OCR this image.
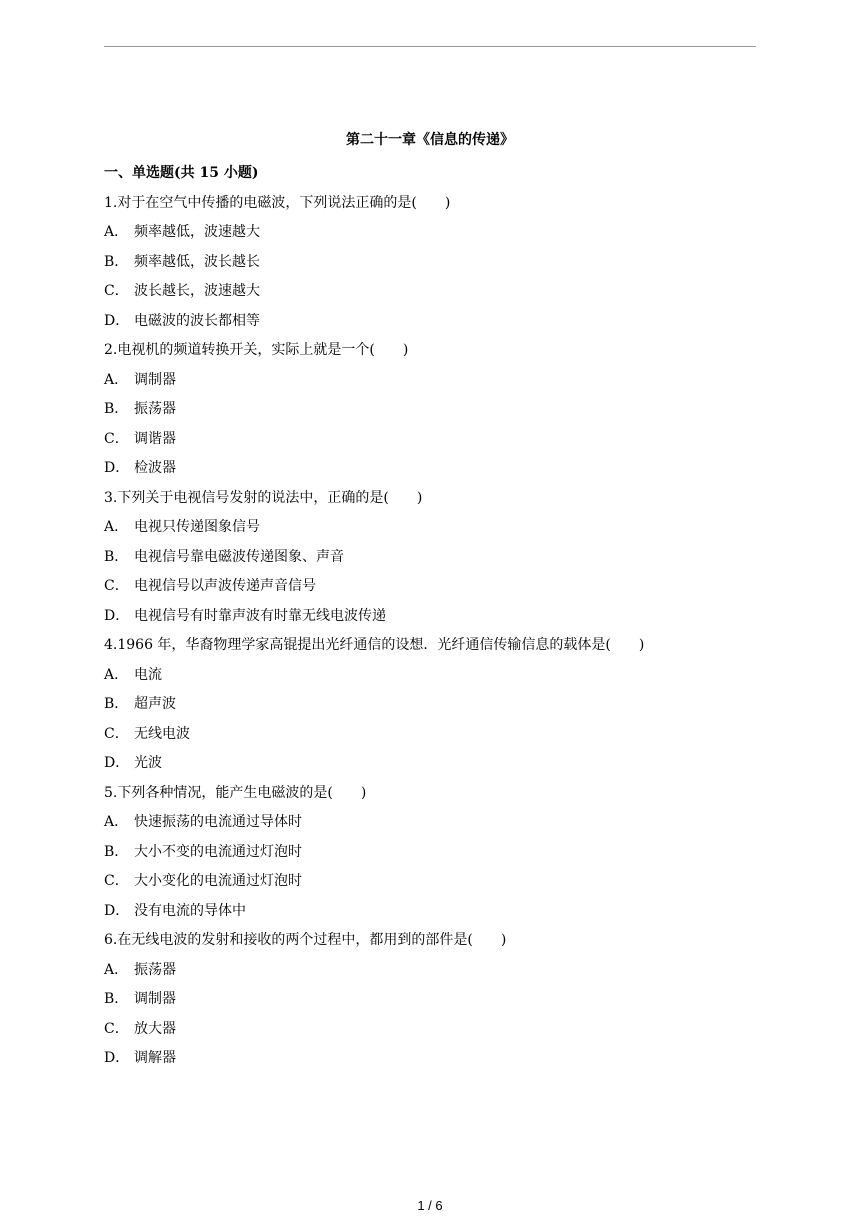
第二十一章《信息的传递》
一、单选题(共 15 小题)
1.对于在空气中传播的电磁波，下列说法正确的是(　　)
A． 频率越低，波速越大
B． 频率越低，波长越长
C． 波长越长，波速越大
D． 电磁波的波长都相等
2.电视机的频道转换开关，实际上就是一个(　　)
A． 调制器
B． 振荡器
C． 调谐器
D． 检波器
3.下列关于电视信号发射的说法中，正确的是(　　)
A． 电视只传递图象信号
B． 电视信号靠电磁波传递图象、声音
C． 电视信号以声波传递声音信号
D． 电视信号有时靠声波有时靠无线电波传递
4.1966 年，华裔物理学家高锟提出光纤通信的设想．光纤通信传输信息的载体是(　　)
A． 电流
B． 超声波
C． 无线电波
D． 光波
5.下列各种情况，能产生电磁波的是(　　)
A． 快速振荡的电流通过导体时
B． 大小不变的电流通过灯泡时
C． 大小变化的电流通过灯泡时
D． 没有电流的导体中
6.在无线电波的发射和接收的两个过程中，都用到的部件是(　　)
A． 振荡器
B． 调制器
C． 放大器
D． 调解器
1 / 6
